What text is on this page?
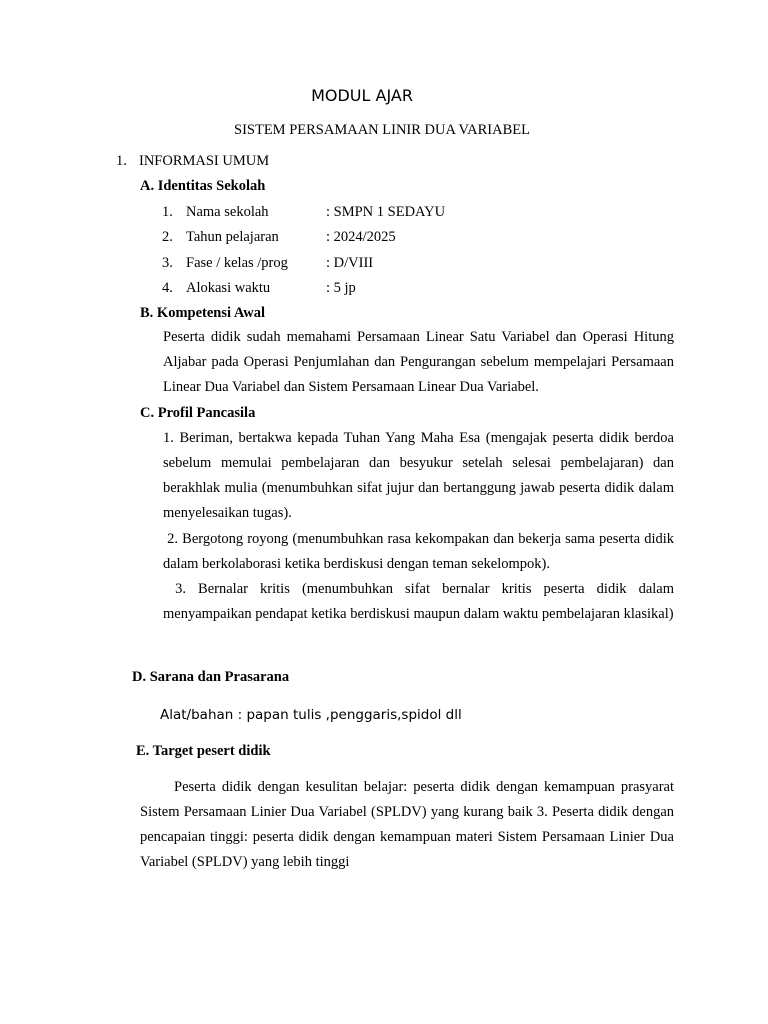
MODUL AJAR
SISTEM PERSAMAAN LINIR DUA VARIABEL
1. INFORMASI UMUM
A. Identitas Sekolah
1. Nama sekolah	: SMPN 1 SEDAYU
2. Tahun pelajaran	: 2024/2025
3. Fase / kelas /prog	: D/VIII
4. Alokasi waktu	: 5 jp
B. Kompetensi Awal
Peserta didik sudah memahami Persamaan Linear Satu Variabel dan Operasi Hitung Aljabar pada Operasi Penjumlahan dan Pengurangan sebelum mempelajari Persamaan Linear Dua Variabel dan Sistem Persamaan Linear Dua Variabel.
C. Profil Pancasila
1. Beriman, bertakwa kepada Tuhan Yang Maha Esa (mengajak peserta didik berdoa sebelum memulai pembelajaran dan besyukur setelah selesai pembelajaran) dan berakhlak mulia (menumbuhkan sifat jujur dan bertanggung jawab peserta didik dalam menyelesaikan tugas).
2. Bergotong royong (menumbuhkan rasa kekompakan dan bekerja sama peserta didik dalam berkolaborasi ketika berdiskusi dengan teman sekelompok).
3. Bernalar kritis (menumbuhkan sifat bernalar kritis peserta didik dalam menyampaikan pendapat ketika berdiskusi maupun dalam waktu pembelajaran klasikal)
D. Sarana dan Prasarana
Alat/bahan : papan tulis ,penggaris,spidol dll
E. Target pesert didik
Peserta didik dengan kesulitan belajar: peserta didik dengan kemampuan prasyarat Sistem Persamaan Linier Dua Variabel (SPLDV) yang kurang baik 3. Peserta didik dengan pencapaian tinggi: peserta didik dengan kemampuan materi Sistem Persamaan Linier Dua Variabel (SPLDV) yang lebih tinggi
